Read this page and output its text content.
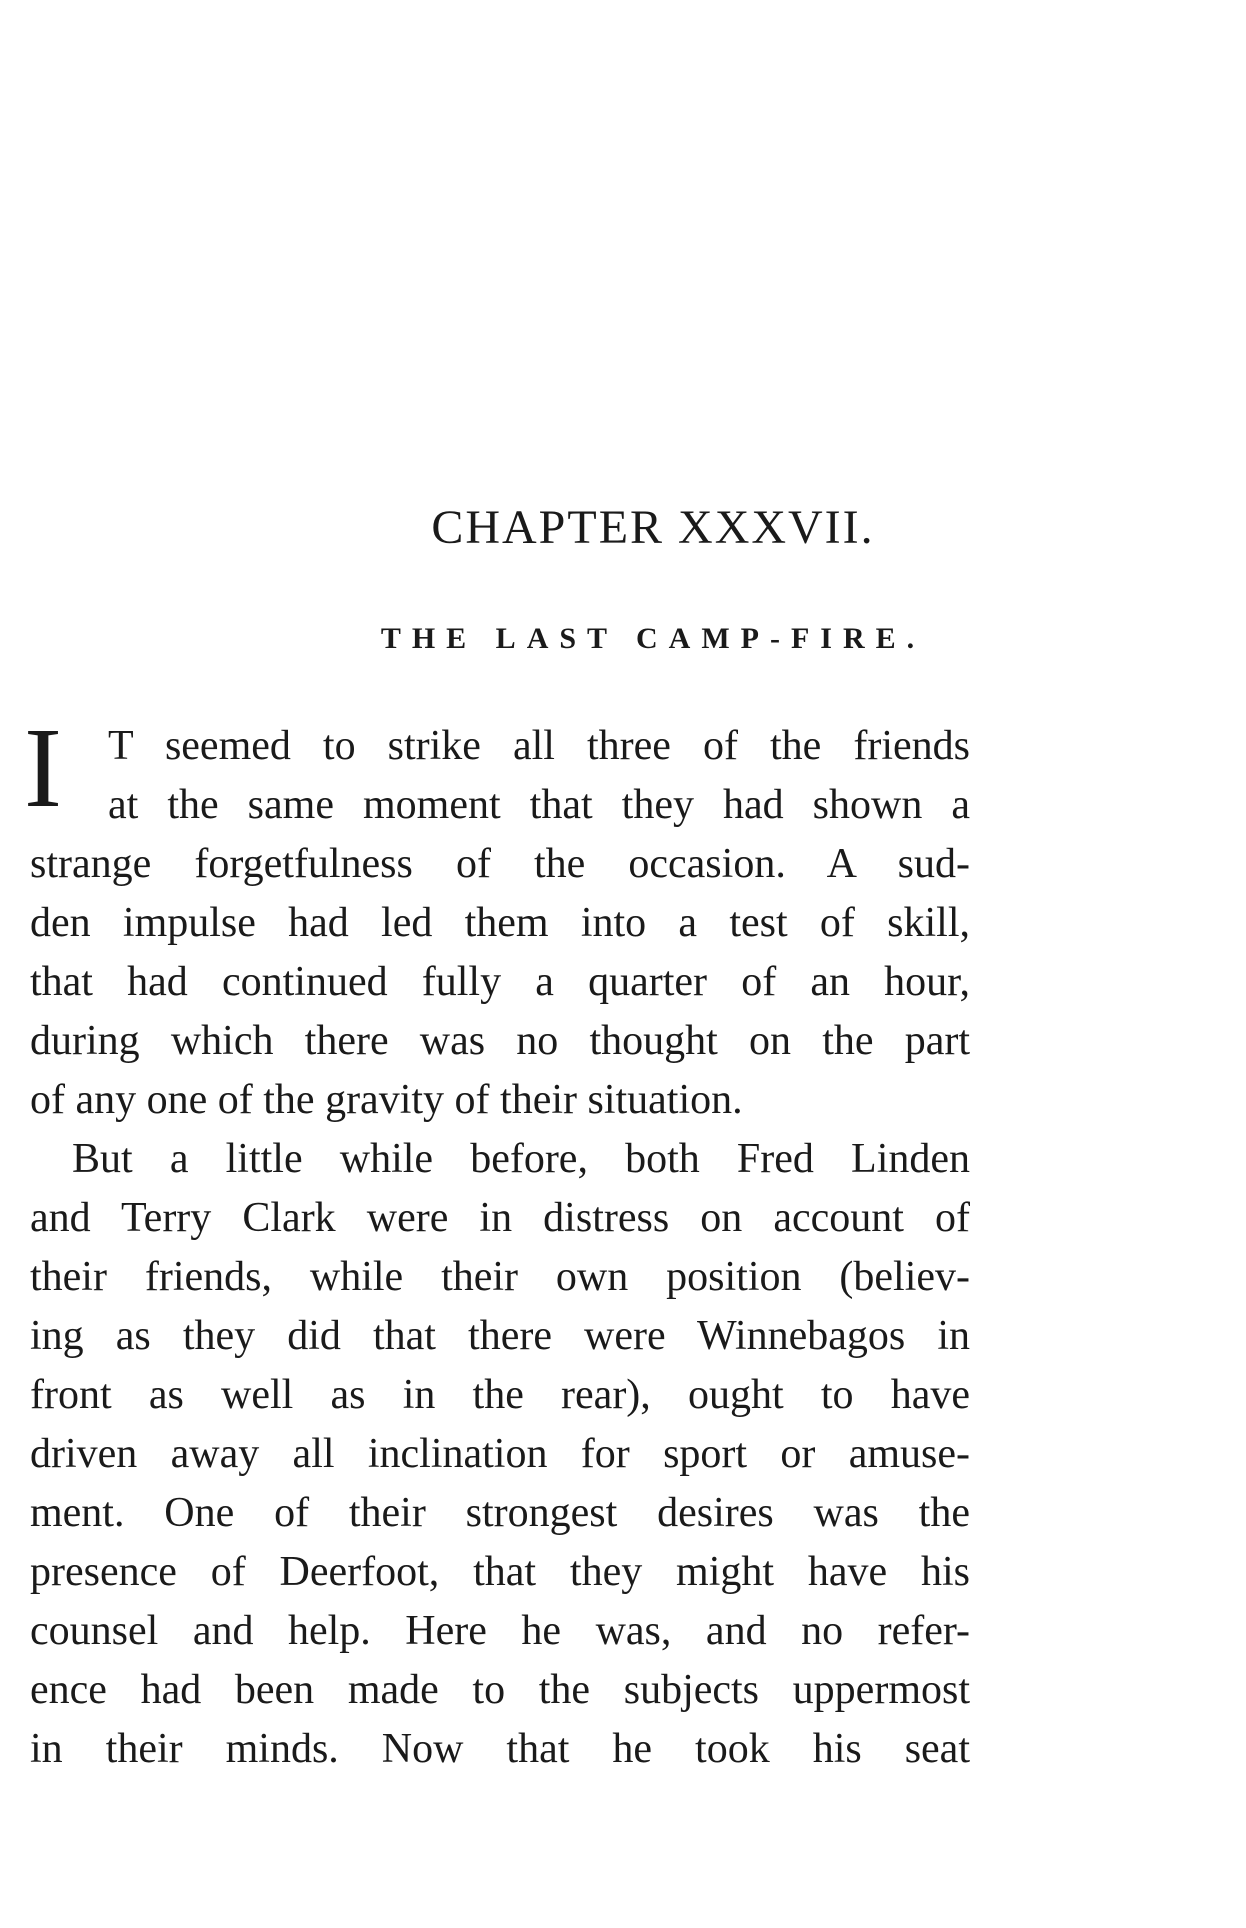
CHAPTER XXXVII.
THE LAST CAMP-FIRE.
I	T seemed to strike all three of the friends
at the same moment that they had shown a
strange forgetfulness of the occasion. A sud-
den impulse had led them into a test of skill,
that had continued fully a quarter of an hour,
during which there was no thought on the part
of any one of the gravity of their situation.
But a little while before, both Fred Linden
and Terry Clark were in distress on account of
their friends, while their own position (believ-
ing as they did that there were Winnebagos in
front as well as in the rear), ought to have
driven away all inclination for sport or amuse-
ment. One of their strongest desires was the
presence of Deerfoot, that they might have his
counsel and help. Here he was, and no refer-
ence had been made to the subjects uppermost
in their minds. Now that he took his seat
